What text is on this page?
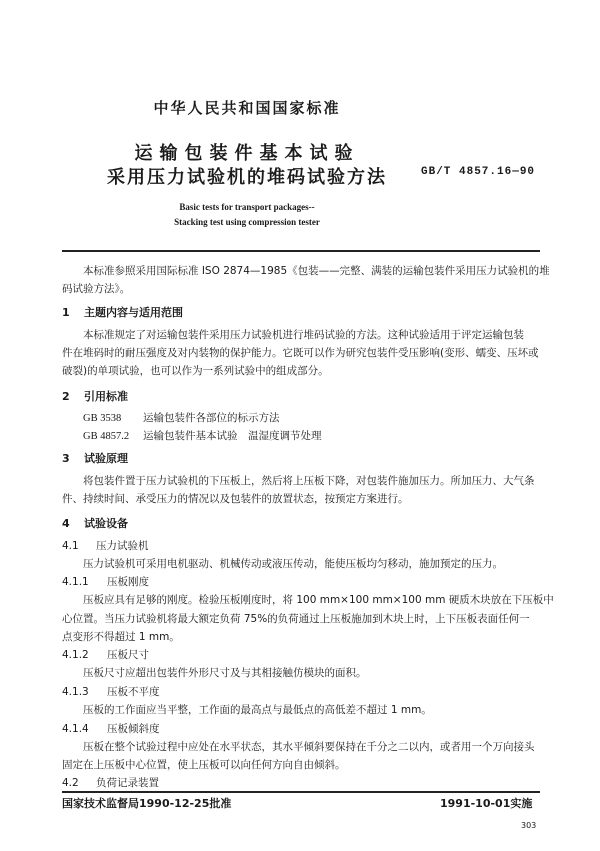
中华人民共和国国家标准
运输包装件基本试验
采用压力试验机的堆码试验方法	GB/T 4857.16—90
Basic tests for transport packages--
Stacking test using compression tester
本标准参照采用国际标准 ISO 2874—1985《包装——完整、满装的运输包装件采用压力试验机的堆
码试验方法》。
1 主题内容与适用范围
本标准规定了对运输包装件采用压力试验机进行堆码试验的方法。这种试验适用于评定运输包装
件在堆码时的耐压强度及对内装物的保护能力。它既可以作为研究包装件受压影响(变形、蠕变、压坏或
破裂)的单项试验，也可以作为一系列试验中的组成部分。
2 引用标准
GB 3538 运输包装件各部位的标示方法
GB 4857.2 运输包装件基本试验　温湿度调节处理
3 试验原理
将包装件置于压力试验机的下压板上，然后将上压板下降，对包装件施加压力。所加压力、大气条
件、持续时间、承受压力的情况以及包装件的放置状态，按预定方案进行。
4 试验设备
4.1 压力试验机
压力试验机可采用电机驱动、机械传动或液压传动，能使压板均匀移动，施加预定的压力。
4.1.1 压板刚度
压板应具有足够的刚度。检验压板刚度时，将 100 mm×100 mm×100 mm 硬质木块放在下压板中
心位置。当压力试验机将最大额定负荷 75%的负荷通过上压板施加到木块上时，上下压板表面任何一
点变形不得超过 1 mm。
4.1.2 压板尺寸
压板尺寸应超出包装件外形尺寸及与其相接触仿模块的面积。
4.1.3 压板不平度
压板的工作面应当平整，工作面的最高点与最低点的高低差不超过 1 mm。
4.1.4 压板倾斜度
压板在整个试验过程中应处在水平状态，其水平倾斜要保持在千分之二以内，或者用一个万向接头
固定在上压板中心位置，使上压板可以向任何方向自由倾斜。
4.2 负荷记录装置
国家技术监督局1990-12-25批准	1991-10-01实施
303
